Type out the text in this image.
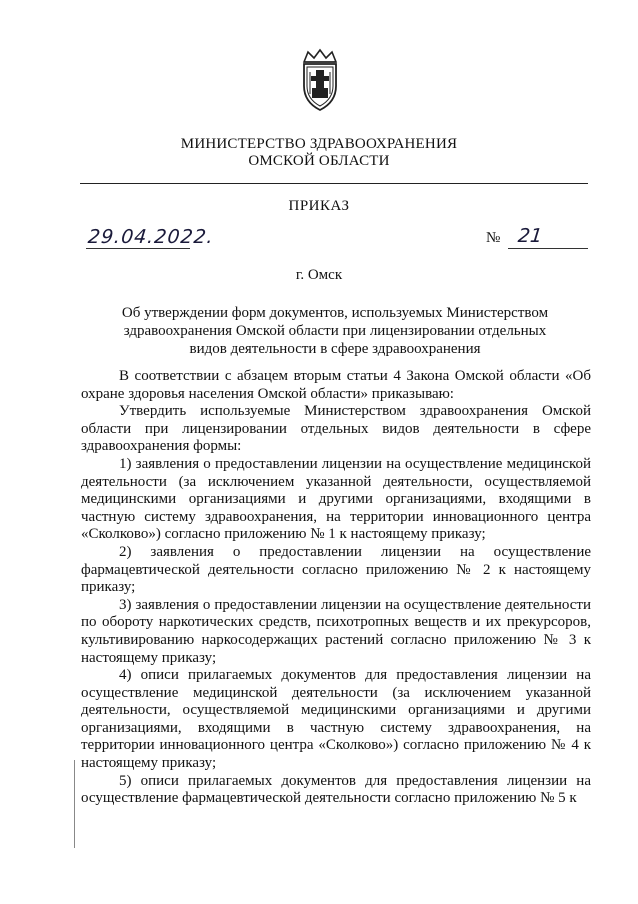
МИНИСТЕРСТВО ЗДРАВООХРАНЕНИЯ
ОМСКОЙ ОБЛАСТИ
ПРИКАЗ
29.04.2022.	№ 21
г. Омск
Об утверждении форм документов, используемых Министерством
здравоохранения Омской области при лицензировании отдельных
видов деятельности в сфере здравоохранения

В соответствии с абзацем вторым статьи 4 Закона Омской области «Об охране здоровья населения Омской области» приказываю:

Утвердить используемые Министерством здравоохранения Омской области при лицензировании отдельных видов деятельности в сфере здравоохранения формы:

1) заявления о предоставлении лицензии на осуществление медицинской деятельности (за исключением указанной деятельности, осуществляемой медицинскими организациями и другими организациями, входящими в частную систему здравоохранения, на территории инновационного центра «Сколково») согласно приложению № 1 к настоящему приказу;

2) заявления о предоставлении лицензии на осуществление фармацевтической деятельности согласно приложению № 2 к настоящему приказу;

3) заявления о предоставлении лицензии на осуществление деятельности по обороту наркотических средств, психотропных веществ и их прекурсоров, культивированию наркосодержащих растений согласно приложению № 3 к настоящему приказу;

4) описи прилагаемых документов для предоставления лицензии на осуществление медицинской деятельности (за исключением указанной деятельности, осуществляемой медицинскими организациями и другими организациями, входящими в частную систему здравоохранения, на территории инновационного центра «Сколково») согласно приложению № 4 к настоящему приказу;

5) описи прилагаемых документов для предоставления лицензии на осуществление фармацевтической деятельности согласно приложению № 5 к
